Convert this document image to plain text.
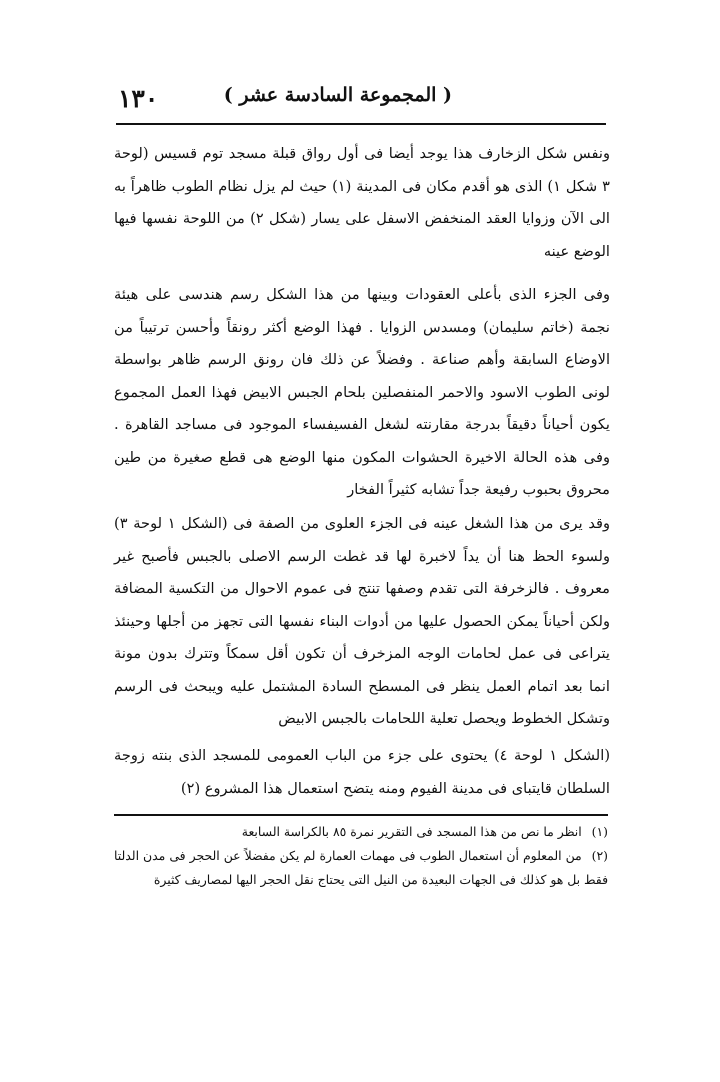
١٣٠	( المجموعة السادسة عشر )

ونفس شكل الزخارف هذا يوجد أيضا فى أول رواق قبلة مسجد توم قسيس (لوحة ٣ شكل ١) الذى هو أقدم مكان فى المدينة (١) حيث لم يزل نظام الطوب ظاهراً به الى الآن وزوايا العقد المنخفض الاسفل على يسار (شكل ٢) من اللوحة نفسها فيها الوضع عينه

وفى الجزء الذى بأعلى العقودات وبينها من هذا الشكل رسم هندسى على هيئة نجمة (خاتم سليمان) ومسدس الزوايا . فهذا الوضع أكثر رونقاً وأحسن ترتيباً من الاوضاع السابقة وأهم صناعة . وفضلاً عن ذلك فان رونق الرسم ظاهر بواسطة لونى الطوب الاسود والاحمر المنفصلين بلحام الجبس الابيض فهذا العمل المجموع يكون أحياناً دقيقاً بدرجة مقارنته لشغل الفسيفساء الموجود فى مساجد القاهرة . وفى هذه الحالة الاخيرة الحشوات المكون منها الوضع هى قطع صغيرة من طين محروق بحبوب رفيعة جداً تشابه كثيراً الفخار

وقد يرى من هذا الشغل عينه فى الجزء العلوى من الصفة فى (الشكل ١ لوحة ٣) ولسوء الحظ هنا أن يداً لاخبرة لها قد غطت الرسم الاصلى بالجبس فأصبح غير معروف . فالزخرفة التى تقدم وصفها تنتج فى عموم الاحوال من التكسية المضافة ولكن أحياناً يمكن الحصول عليها من أدوات البناء نفسها التى تجهز من أجلها وحينئذ يتراعى فى عمل لحامات الوجه المزخرف أن تكون أقل سمكاً وتترك بدون مونة انما بعد اتمام العمل ينظر فى المسطح السادة المشتمل عليه ويبحث فى الرسم وتشكل الخطوط ويحصل تعلية اللحامات بالجبس الابيض

(الشكل ١ لوحة ٤) يحتوى على جزء من الباب العمومى للمسجد الذى بنته زوجة السلطان قايتباى فى مدينة الفيوم ومنه يتضح استعمال هذا المشروع (٢)

(١)انظر ما نص من هذا المسجد فى التقرير نمرة ٨٥ بالكراسة السابعة

(٢)من المعلوم أن استعمال الطوب فى مهمات العمارة لم يكن مفضلاً عن الحجر فى مدن الدلتا فقط بل هو كذلك فى الجهات البعيدة من النيل التى يحتاج نقل الحجر اليها لمصاريف كثيرة
